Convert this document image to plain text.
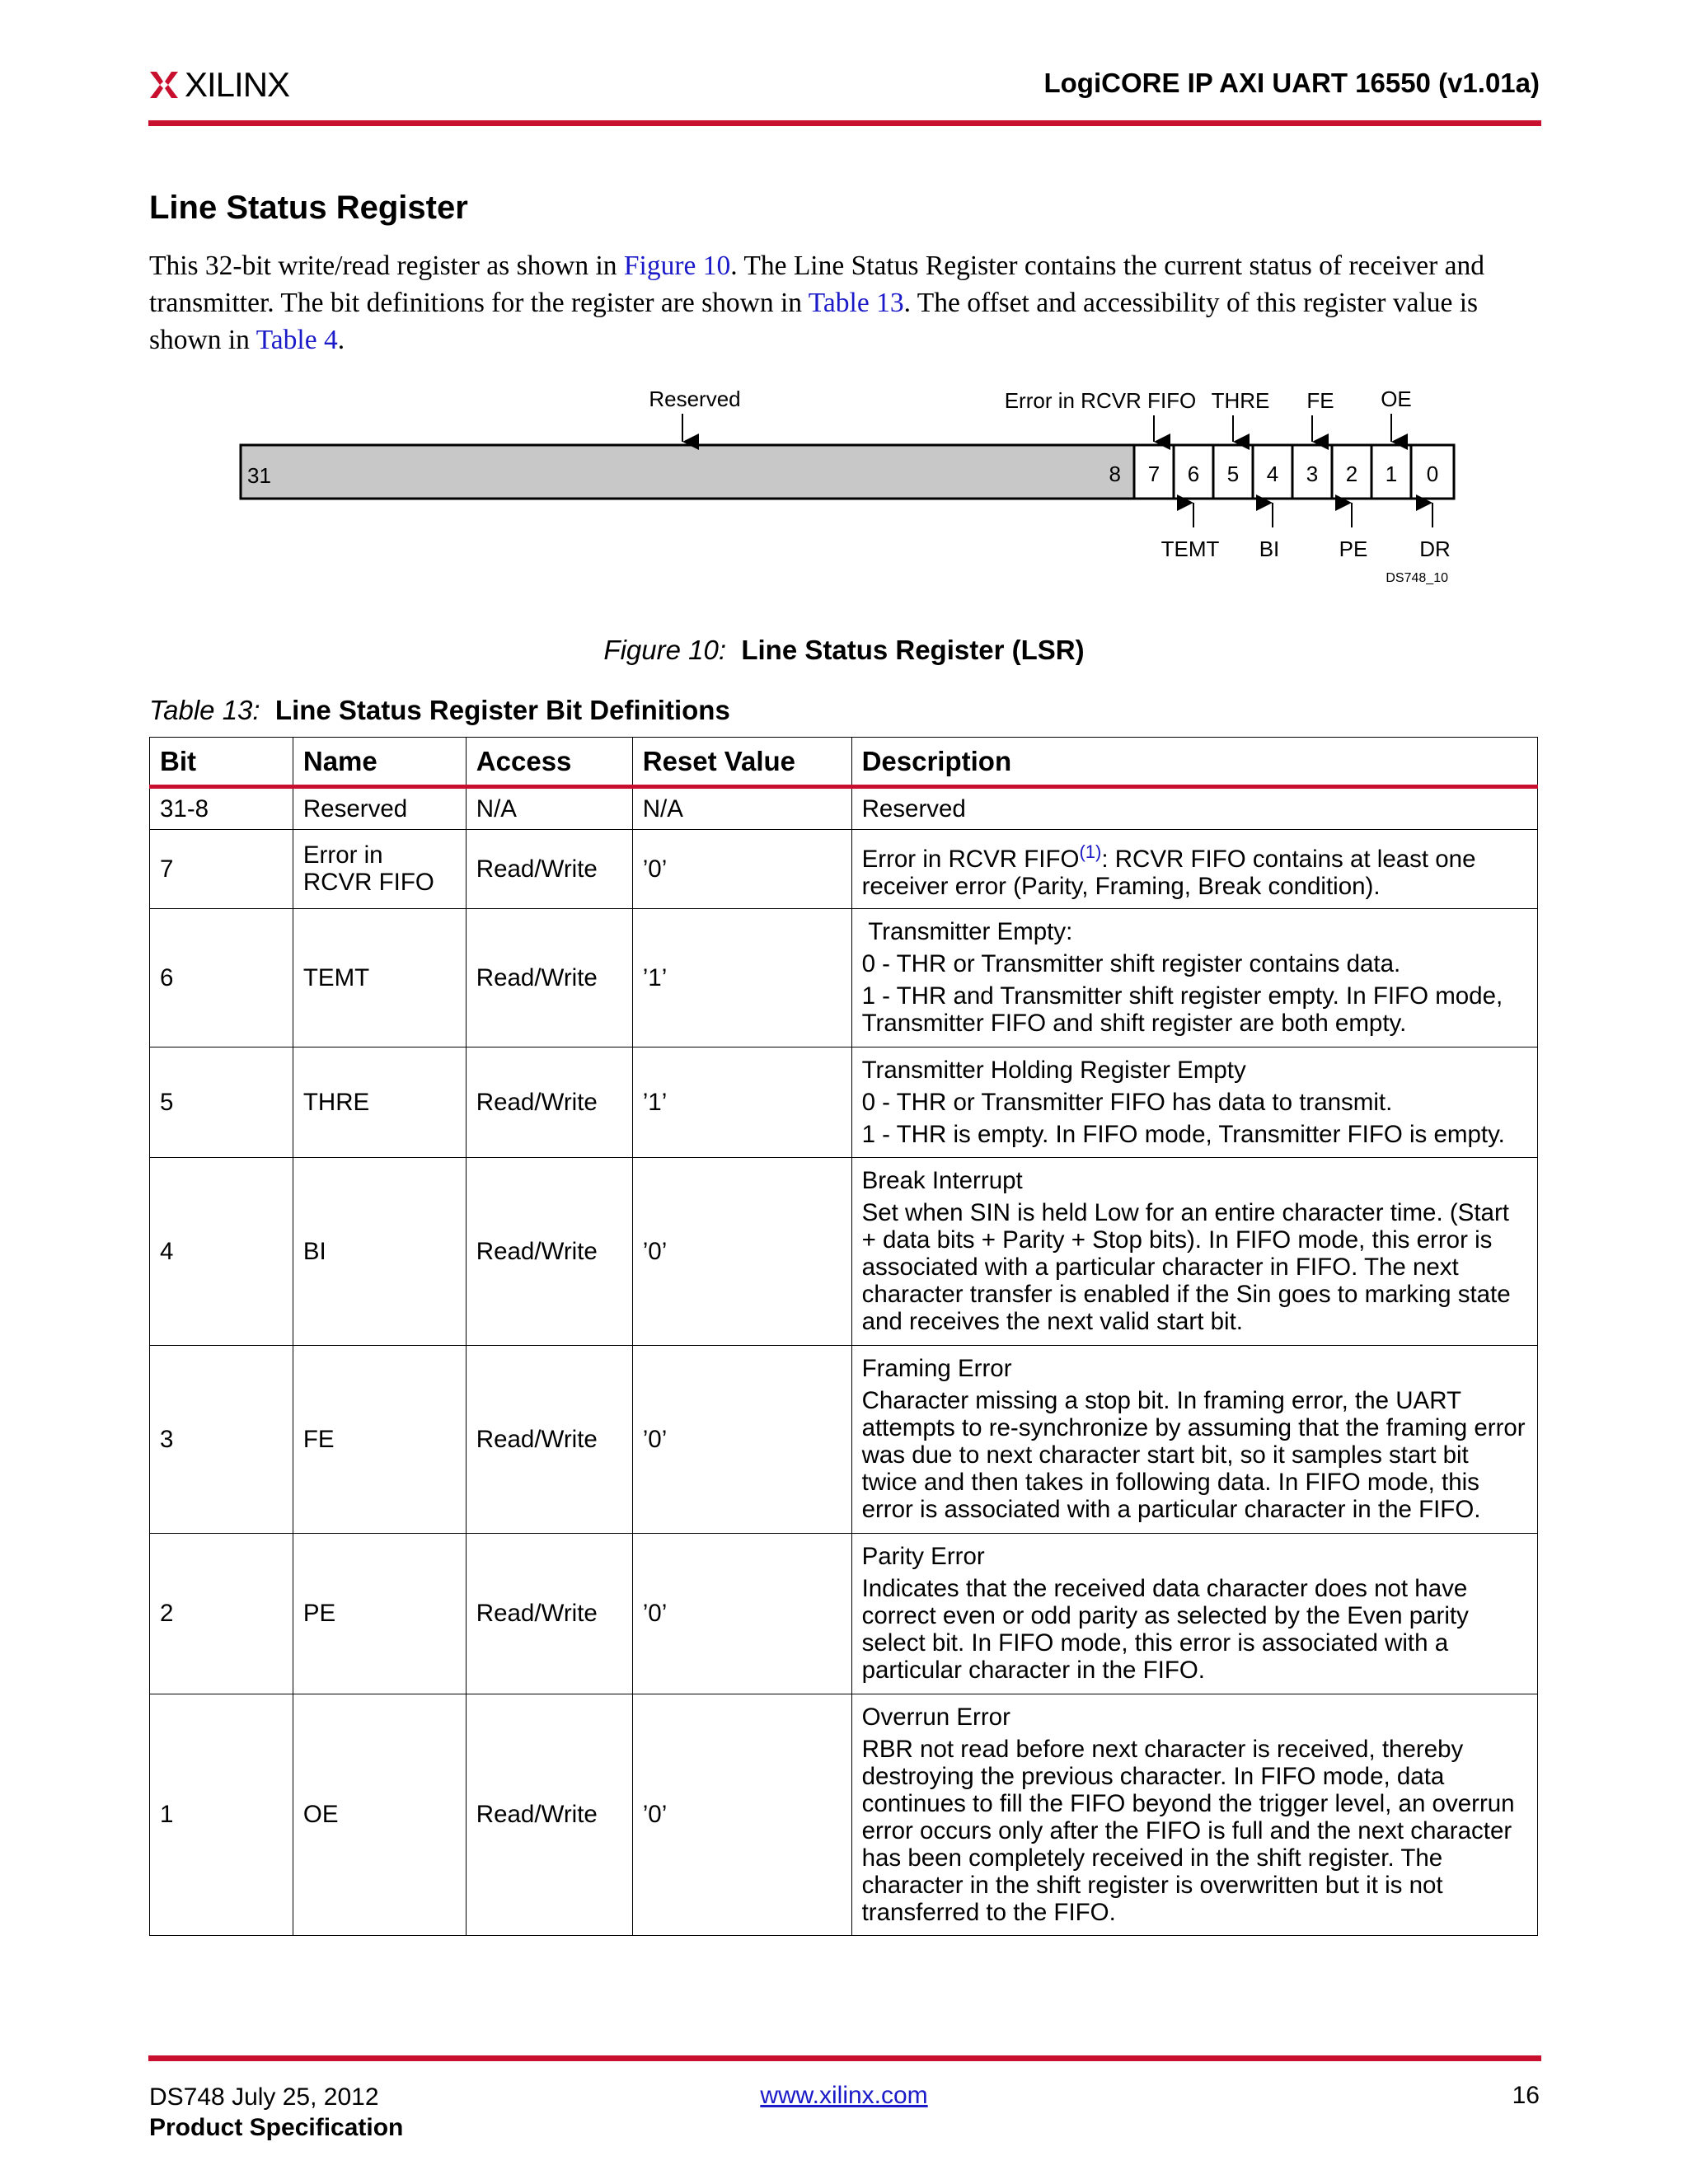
XILINX	LogiCORE IP AXI UART 16550 (v1.01a)
Line Status Register
This 32-bit write/read register as shown in Figure 10. The Line Status Register contains the current status of receiver and transmitter. The bit definitions for the register are shown in Table 13. The offset and accessibility of this register value is shown in Table 4.
31	8 7 6 5 4 3 2 1 0
Reserved	Error in RCVR FIFO THRE FE OE
TEMT BI	PE DR
DS748_10
Figure 10: Line Status Register (LSR)
Table 13: Line Status Register Bit Definitions
Bit	Name	Access	Reset Value	Description
31-8	Reserved	N/A	N/A	Reserved
7	Error in RCVR FIFO	Read/Write	’0’	Error in RCVR FIFO$^{(1)}$: RCVR FIFO contains at least one receiver error (Parity, Framing, Break condition).
6	TEMT	Read/Write	’1’	Transmitter Empty:

0 - THR or Transmitter shift register contains data.

1 - THR and Transmitter shift register empty. In FIFO mode, Transmitter FIFO and shift register are both empty.

5	THRE	Read/Write	’1’	Transmitter Holding Register Empty

0 - THR or Transmitter FIFO has data to transmit.

1 - THR is empty. In FIFO mode, Transmitter FIFO is empty.

4	BI	Read/Write	’0’	Break Interrupt

Set when SIN is held Low for an entire character time. (Start + data bits + Parity + Stop bits). In FIFO mode, this error is associated with a particular character in FIFO. The next character transfer is enabled if the Sin goes to marking state and receives the next valid start bit.

3	FE	Read/Write	’0’	Framing Error

Character missing a stop bit. In framing error, the UART attempts to re-synchronize by assuming that the framing error was due to next character start bit, so it samples start bit twice and then takes in following data. In FIFO mode, this error is associated with a particular character in the FIFO.

2	PE	Read/Write	’0’	Parity Error

Indicates that the received data character does not have correct even or odd parity as selected by the Even parity select bit. In FIFO mode, this error is associated with a particular character in the FIFO.

1	OE	Read/Write	’0’	Overrun Error

RBR not read before next character is received, thereby destroying the previous character. In FIFO mode, data continues to fill the FIFO beyond the trigger level, an overrun error occurs only after the FIFO is full and the next character has been completely received in the shift register. The character in the shift register is overwritten but it is not transferred to the FIFO.

DS748 July 25, 2012
Product Specification
www.xilinx.com	16
